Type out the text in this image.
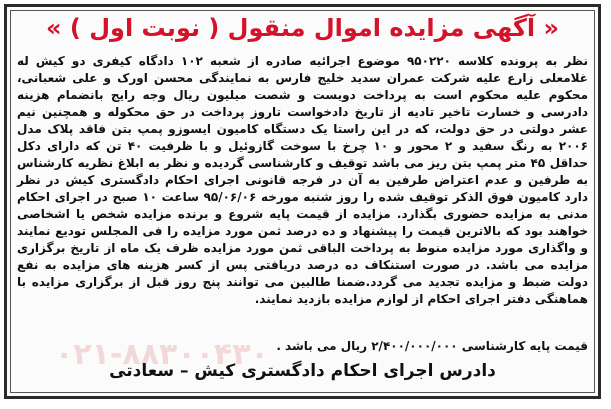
« آگهی مزایده اموال منقول ( نوبت اول ) »

نظر به پرونده کلاسه ۹۵۰۲۲۰ موضوع اجرائیه صادره از شعبه ۱۰۲ دادگاه کیفری دو کیش له غلامعلی زارع علیه شرکت عمران سدید خلیج فارس به نمایندگی محسن اورک و علی شعبانی، محکوم علیه محکوم است به پرداخت دویست و شصت میلیون ریال وجه رایج بانضمام هزینه دادرسی و خسارت تاخیر تادیه از تاریخ دادخواست تاروز پرداخت در حق محکوله و همچنین نیم عشر دولتی در حق دولت، که در این راستا یک دستگاه کامیون ایسوزو پمپ بتن فاقد پلاک مدل ۲۰۰۶ به رنگ سفید و ۲ محور و ۱۰ چرخ با سوخت گازوئیل و با ظرفیت ۴۰ تن که دارای دکل حداقل ۴۵ متر پمپ بتن ریز می باشد توقیف و کارشناسی گردیده و نظر به ابلاغ نظریه کارشناس به طرفین و عدم اعتراض طرفین به آن در فرجه قانونی اجرای احکام دادگستری کیش در نظر دارد کامیون فوق الذکر توقیف شده را روز شنبه مورخه ۹۵/۰۶/۰۶ ساعت ۱۰ صبح در اجرای احکام مدنی به مزایده حضوری بگذارد. مزایده از قیمت پایه شروع و برنده مزایده شخص یا اشخاصی خواهند بود که بالاترین قیمت را پیشنهاد و ده درصد ثمن مورد مزایده را فی المجلس تودیع نمایند و واگذاری مورد مزایده منوط به پرداخت الباقی ثمن مورد مزایده ظرف یک ماه از تاریخ برگزاری مزایده می باشد. در صورت استنکاف ده درصد دریافتی پس از کسر هزینه های مزایده به نفع دولت ضبط و مزایده تجدید می گردد.ضمنا طالبین می توانند پنج روز قبل از برگزاری مزایده با هماهنگی دفتر اجرای احکام از لوازم مزایده بازدید نمایند.

قیمت پایه کارشناسی ۲/۴۰۰/۰۰۰/۰۰۰ ریال می باشد .
دادرس اجرای احکام دادگستری کیش – سعادتی
۰۲۱-۸۸۳۰۰۴۳۰
